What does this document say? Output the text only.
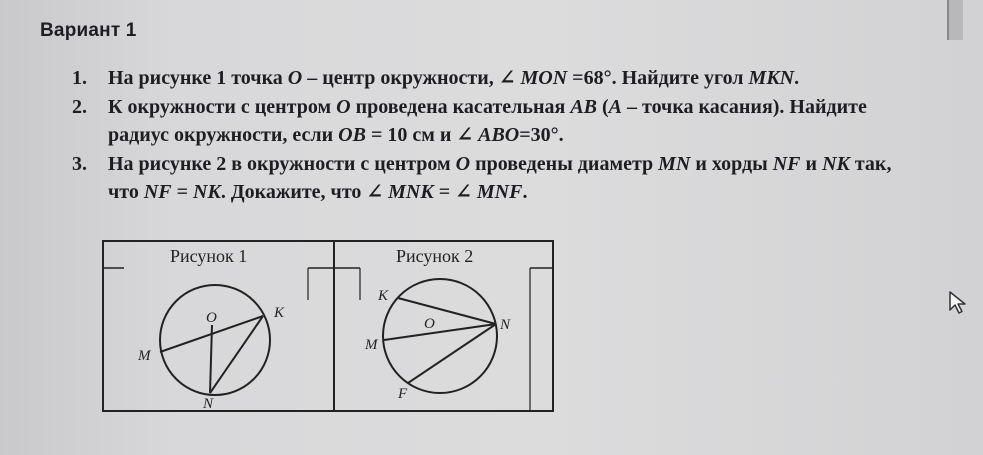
Вариант 1
1. На рисунке 1 точка O – центр окружности, ∠ MON =68°. Найдите угол MKN.
2. К окружности с центром O проведена касательная AB (A – точка касания). Найдите радиус окружности, если OB = 10 см и ∠ ABO=30°.
3. На рисунке 2 в окружности с центром O проведены диаметр MN и хорды NF и NK так, что NF = NK. Докажите, что ∠ MNK = ∠ MNF.
Рисунок 1
O	K
M
N
Рисунок 2
K
O	N
M
F
